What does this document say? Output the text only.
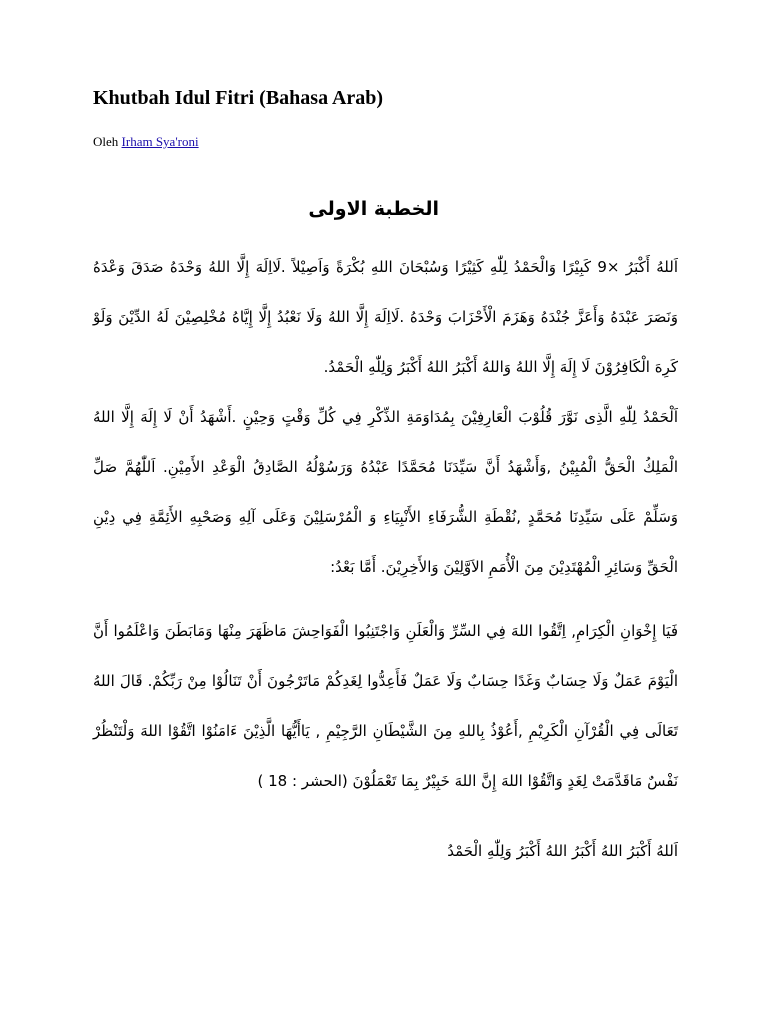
Khutbah Idul Fitri (Bahasa Arab)
Oleh Irham Sya'roni
الخطبة الاولى

اَللهُ أَكْبَرُ ×9 كَبِيْرًا وَالْحَمْدُ لِلّٰهِ كَثِيْرًا وَسُبْحَانَ اللهِ بُكْرَةً وَاَصِيْلاً .لَااِلَهَ إِلَّا اللهُ وَحْدَهُ صَدَقَ وَعْدَهُ وَنَصَرَ عَبْدَهُ وَأَعَزَّ جُنْدَهُ وَهَزَمَ الْأَحْزَابَ وَحْدَهُ .لَااِلَهَ إِلَّا اللهُ وَلَا نَعْبُدُ إِلَّا إِيَّاهُ مُخْلِصِيْنَ لَهُ الدِّيْنَ وَلَوْ كَرِهَ الْكَافِرُوْنَ لَا إِلَهَ إِلَّا اللهُ وَاللهُ أَكْبَرُ اللهُ أَكْبَرُ وَلِلّٰهِ الْحَمْدُ.

اَلْحَمْدُ لِلّٰهِ الَّذِى نَوَّرَ قُلُوْبَ الْعَارِفِيْنَ بِمُدَاوَمَةِ الذِّكْرِ فِي كُلِّ وَقْتٍ وَحِيْنٍ .أَشْهَدُ أَنْ لَا إِلَهَ إِلَّا اللهُ الْمَلِكُ الْحَقُّ الْمُبِيْنُ ,وَأَشْهَدُ أَنَّ سَيِّدَنَا مُحَمَّدًا عَبْدُهُ وَرَسُوْلُهُ الصَّادِقُ الْوَعْدِ الأَمِيْنِ. اَللّٰهُمَّ صَلِّ وَسَلِّمْ عَلَى سَيِّدِنَا مُحَمَّدٍ ,نُقْطَةِ الشُّرَفَاءِ الأَنْبِيَاءِ وَ الْمُرْسَلِيْنَ وَعَلَى آلِهِ وَصَحْبِهِ الأَئِمَّةِ فِي دِيْنِ الْحَقِّ وَسَائِرِ الْمُهْتَدِيْنَ مِنَ الْأُمَمِ الاَوَّلِيْنَ وَالأَخِرِيْنَ. أَمَّا بَعْدُ:

فَيَا إِخْوَانِ الْكِرَامِ, اِتَّقُوا اللهَ فِي السِّرِّ وَالْعَلَنِ وَاجْتَنِبُوا الْفَوَاحِشَ مَاظَهَرَ مِنْهَا وَمَابَطَنَ وَاعْلَمُوا أَنَّ الْيَوْمَ عَمَلٌ وَلَا حِسَابٌ وَغَدًا حِسَابٌ وَلَا عَمَلٌ فَأَعِدُّوا لِغَدِكُمْ مَاتَرْجُونَ أَنْ تَنَالُوْا مِنْ رَبِّكُمْ. قَالَ اللهُ تَعَالَى فِي الْقُرْآنِ الْكَرِيْمِ ,أَعُوْذُ بِاللهِ مِنَ الشَّيْطَانِ الرَّجِيْمِ , يَاأَيُّهَا الَّذِيْنَ ءَامَنُوْا اتَّقُوْا اللهَ وَلْتَنْظُرْ نَفْسٌ مَاقَدَّمَتْ لِغَدٍ وَاتَّقُوْا اللهَ إِنَّ اللهَ خَبِيْرٌ بِمَا تَعْمَلُوْنَ (الحشر : 18 )

اَللهُ أَكْبَرُ اللهُ أَكْبَرُ اللهُ أَكْبَرُ وَلِلّٰهِ الْحَمْدُ
